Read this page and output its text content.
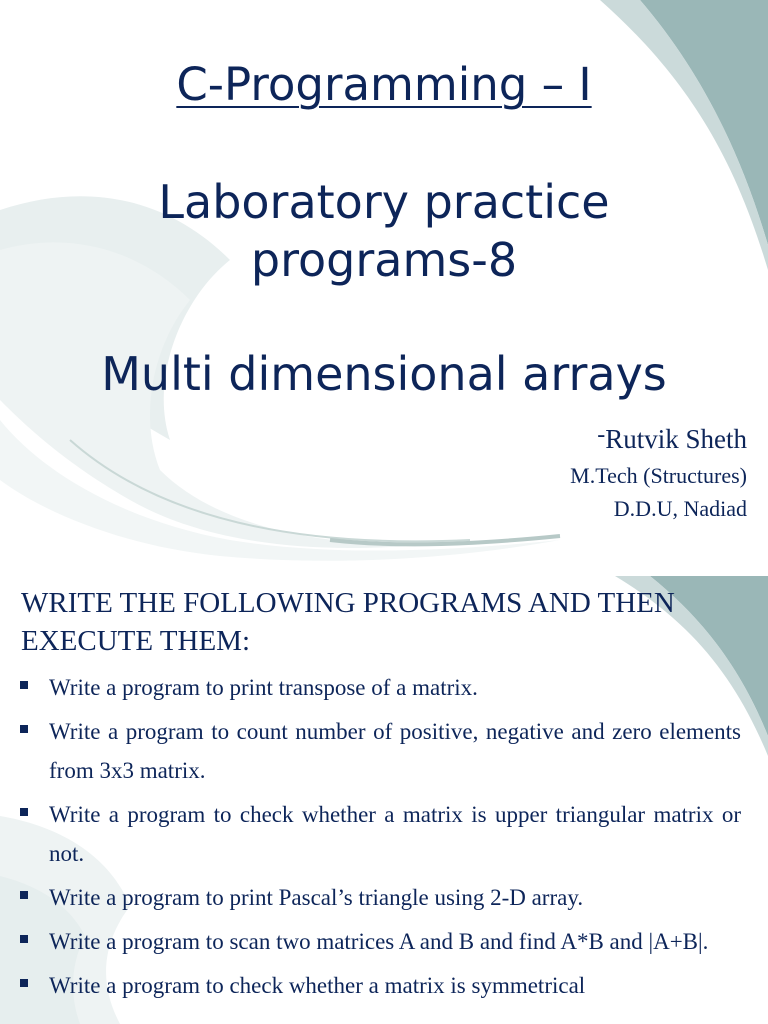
C-Programming – I
Laboratory practice
programs-8
Multi dimensional arrays
-Rutvik Sheth
M.Tech (Structures)
D.D.U, Nadiad
WRITE THE FOLLOWING PROGRAMS AND THEN EXECUTE THEM:
Write a program to print transpose of a matrix.
Write a program to count number of positive, negative and zero elements from 3x3 matrix.
Write a program to check whether a matrix is upper triangular matrix or not.
Write a program to print Pascal’s triangle using 2-D array.
Write a program to scan two matrices A and B and find A*B and |A+B|.
Write a program to check whether a matrix is symmetrical
